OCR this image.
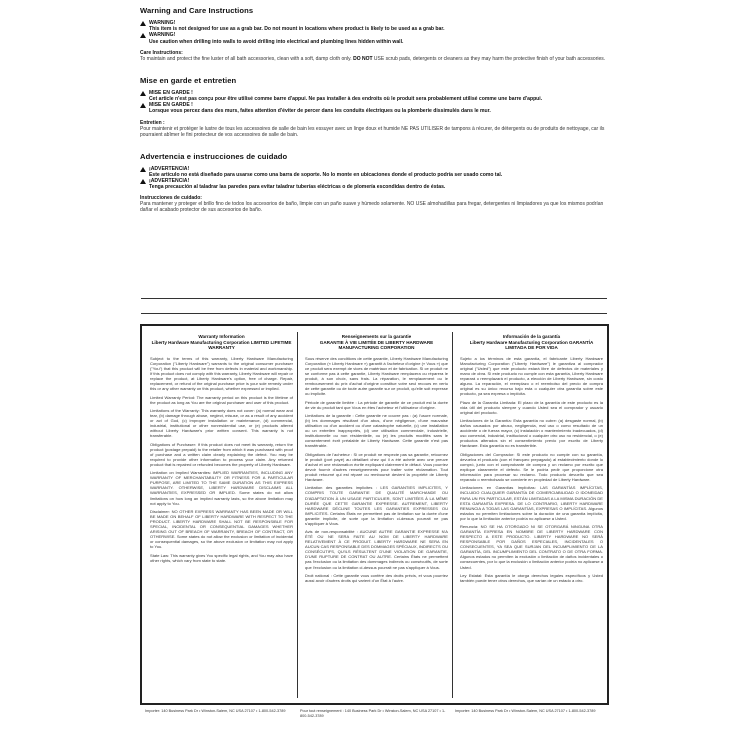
Warning and Care Instructions
WARNING!
This item is not designed for use as a grab bar. Do not mount in locations where product is likely to be used as a grab bar.
WARNING!
Use caution when drilling into walls to avoid drilling into electrical and plumbing lines hidden within wall.
Care Instructions:
To maintain and protect the fine luster of all bath accessories, clean with a soft, damp cloth only. DO NOT USE scrub pads, detergents or cleaners as they may harm the protective finish of your bath accessories.
Mise en garde et entretien
MISE EN GARDE !
Cet article n'est pas conçu pour être utilisé comme barre d'appui. Ne pas installer à des endroits où le produit sera probablement utilisé comme une barre d'appui.
MISE EN GARDE !
Lorsque vous percez dans des murs, faites attention d'éviter de percer dans les conduits électriques ou la plomberie dissimulés dans le mur.
Entretien :
Pour maintenir et protéger le lustre de tous les accessoires de salle de bain les essuyer avec un linge doux et humide NE PAS UTILISER de tampons à récurer, de détergents ou de produits de nettoyage, car ils pourraient abîmer le fini protecteur de vos accessoires de salle de bain.
Advertencia e instrucciones de cuidado
¡ADVERTENCIA!
Este artículo no está diseñado para usarse como una barra de soporte. No lo monte en ubicaciones donde el producto podría ser usado como tal.
¡ADVERTENCIA!
Tenga precaución al taladrar las paredes para evitar taladrar tuberías eléctricas o de plomería escondidas dentro de éstas.
Instrucciones de cuidado:
Para mantener y proteger el brillo fino de todos los accesorios de baño, limpie con un paño suave y húmedo solamente. NO USE almohadillas para fregar, detergentes ni limpiadores ya que los mismos podrían dañar el acabado protector de sus accesorios de baño.
Warranty Information
Liberty Hardware Manufacturing Corporation LIMITED LIFETIME WARRANTY

Subject to the terms of this warranty, Liberty Hardware Manufacturing Corporation ("Liberty Hardware") warrants to the original consumer purchaser ("You") that this product will be free from defects in material and workmanship. If this product does not comply with this warranty, Liberty Hardware will repair or replace the product, at Liberty Hardware's option, free of charge. Repair, replacement, or refund of the original purchase price is your sole remedy under this or any other warranty on this product, whether expressed or implied.

Limited Warranty Period: The warranty period on this product is the lifetime of the product as long as You are the original purchaser and user of this product.

Limitations of the Warranty: This warranty does not cover: (a) normal wear and tear, (b) damage through abuse, neglect, misuse, or as a result of any accident or act of God, (c) improper installation or maintenance, (d) commercial, industrial, institutional or other nonresidential use, or (e) products altered without Liberty Hardware's prior written consent. This warranty is not transferable.

Obligations of Purchaser: If this product does not meet its warranty, return the product (postage prepaid) to the retailer from which it was purchased with proof of purchase and a written claim clearly explaining the defect. You may be required to provide other information to process your claim. Any returned product that is repaired or refunded becomes the property of Liberty Hardware.

Limitation on Implied Warranties: IMPLIED WARRANTIES, INCLUDING ANY WARRANTY OF MERCHANTABILITY OR FITNESS FOR A PARTICULAR PURPOSE, ARE LIMITED TO THE SAME DURATION AS THIS EXPRESS WARRANTY. OTHERWISE, LIBERTY HARDWARE DISCLAIMS ALL WARRANTIES, EXPRESSED OR IMPLIED. Some states do not allow limitations on how long an implied warranty lasts, so the above limitation may not apply to You.

Disclaimer: NO OTHER EXPRESS WARRANTY HAS BEEN MADE OR WILL BE MADE ON BEHALF OF LIBERTY HARDWARE WITH RESPECT TO THE PRODUCT. LIBERTY HARDWARE SHALL NOT BE RESPONSIBLE FOR SPECIAL, INCIDENTAL OR CONSEQUENTIAL DAMAGES WHETHER ARISING OUT OF BREACH OF WARRANTY, BREACH OF CONTRACT, OR OTHERWISE. Some states do not allow the exclusion or limitation of incidental or consequential damages, so the above exclusion or limitation may not apply to You.

State Law: This warranty gives You specific legal rights, and You may also have other rights, which vary from state to state.

Renseignements sur la garantie
GARANTIE À VIE LIMITÉE DE LIBERTY HARDWARE MANUFACTURING CORPORATION

Sous réserve des conditions de cette garantie, Liberty Hardware Manufacturing Corporation (« Liberty Hardware ») garantit à l'acheteur d'origine (« Vous ») que ce produit sera exempt de vices de matériaux et de fabrication. Si ce produit ne se conforme pas à cette garantie, Liberty Hardware remplacera ou réparera le produit, à son choix, sans frais. La réparation, le remplacement ou le remboursement du prix d'achat d'origine constitue votre seul recours en vertu de cette garantie ou de toute autre garantie sur ce produit, qu'elle soit expresse ou implicite.

Période de garantie limitée : La période de garantie de ce produit est la durée de vie du produit tant que Vous en êtes l'acheteur et l'utilisateur d'origine.

Limitations de la garantie : Cette garantie ne couvre pas : (a) l'usure normale, (b) les dommages résultant d'un abus, d'une négligence, d'une mauvaise utilisation ou d'un accident ou d'une catastrophe naturelle, (c) une installation ou un entretien inappropriés, (d) une utilisation commerciale, industrielle, institutionnelle ou non résidentielle, ou (e) les produits modifiés sans le consentement écrit préalable de Liberty Hardware. Cette garantie n'est pas transférable.

Obligations de l'acheteur : Si ce produit ne respecte pas sa garantie, retournez le produit (port payé) au détaillant chez qui il a été acheté avec une preuve d'achat et une réclamation écrite expliquant clairement le défaut. Vous pourriez devoir fournir d'autres renseignements pour traiter votre réclamation. Tout produit retourné qui est réparé ou remboursé devient la propriété de Liberty Hardware.

Limitation des garanties implicites : LES GARANTIES IMPLICITES, Y COMPRIS TOUTE GARANTIE DE QUALITÉ MARCHANDE OU D'ADAPTATION À UN USAGE PARTICULIER, SONT LIMITÉES À LA MÊME DURÉE QUE CETTE GARANTIE EXPRESSE. AUTREMENT, LIBERTY HARDWARE DÉCLINE TOUTES LES GARANTIES EXPRESSES OU IMPLICITES. Certains États ne permettent pas de limitation sur la durée d'une garantie implicite, de sorte que la limitation ci-dessus pourrait ne pas s'appliquer à Vous.

Avis de non-responsabilité : AUCUNE AUTRE GARANTIE EXPRESSE N'A ÉTÉ OU NE SERA FAITE AU NOM DE LIBERTY HARDWARE RELATIVEMENT À CE PRODUIT. LIBERTY HARDWARE NE SERA EN AUCUN CAS RESPONSABLE DES DOMMAGES SPÉCIAUX, INDIRECTS OU CONSÉCUTIFS, QU'ILS RÉSULTENT D'UNE VIOLATION DE GARANTIE, D'UNE RUPTURE DE CONTRAT OU AUTRE. Certains États ne permettent pas l'exclusion ou la limitation des dommages indirects ou consécutifs, de sorte que l'exclusion ou la limitation ci-dessus pourrait ne pas s'appliquer à Vous.

Droit national : Cette garantie vous confère des droits précis, et vous pourriez aussi avoir d'autres droits qui varient d'un État à l'autre.

Información de la garantía
Liberty Hardware Manufacturing Corporation GARANTÍA LIMITADA DE POR VIDA

Sujeto a los términos de esta garantía, el fabricante Liberty Hardware Manufacturing Corporation ("Liberty Hardware") le garantiza al comprador original ("Usted") que este producto estará libre de defectos de materiales y mano de obra. Si este producto no cumple con esta garantía, Liberty Hardware reparará o reemplazará el producto, a elección de Liberty Hardware, sin costo alguno. La reparación, el reemplazo o el reembolso del precio de compra original es su único recurso bajo esta o cualquier otra garantía sobre este producto, ya sea expresa o implícita.

Plazo de la Garantía Limitada: El plazo de la garantía de este producto es la vida útil del producto siempre y cuando Usted sea el comprador y usuario original del producto.

Limitaciones de la Garantía: Esta garantía no cubre: (a) desgaste normal, (b) daños causados por abuso, negligencia, mal uso o como resultado de un accidente o de fuerza mayor, (c) instalación o mantenimiento inadecuados, (d) uso comercial, industrial, institucional o cualquier otro uso no residencial, o (e) productos alterados sin el consentimiento previo por escrito de Liberty Hardware. Esta garantía no es transferible.

Obligaciones del Comprador: Si este producto no cumple con su garantía, devuelva el producto (con el franqueo prepagado) al establecimiento donde lo compró, junto con el comprobante de compra y un reclamo por escrito que explique claramente el defecto. Se le podría pedir que proporcione otra información para procesar su reclamo. Todo producto devuelto que sea reparado o reembolsado se convierte en propiedad de Liberty Hardware.

Limitaciones en Garantías Implícitas: LAS GARANTÍAS IMPLÍCITAS, INCLUIDO CUALQUIER GARANTÍA DE COMERCIABILIDAD O IDONEIDAD PARA UN FIN PARTICULAR, ESTÁN LIMITADAS A LA MISMA DURACIÓN DE ESTA GARANTÍA EXPRESA. DE LO CONTRARIO, LIBERTY HARDWARE RENUNCIA A TODAS LAS GARANTÍAS, EXPRESAS O IMPLÍCITAS. Algunos estados no permiten limitaciones sobre la duración de una garantía implícita, por lo que la limitación anterior podría no aplicarse a Usted.

Renuncia: NO SE HA OTORGADO NI SE OTORGARÁ NINGUNA OTRA GARANTÍA EXPRESA EN NOMBRE DE LIBERTY HARDWARE CON RESPECTO A ESTE PRODUCTO. LIBERTY HARDWARE NO SERÁ RESPONSABLE POR DAÑOS ESPECIALES, INCIDENTALES O CONSECUENTES, YA SEA QUE SURJAN DEL INCUMPLIMIENTO DE LA GARANTÍA, DEL INCUMPLIMIENTO DEL CONTRATO O DE OTRA FORMA. Algunos estados no permiten la exclusión o limitación de daños incidentales o consecuentes, por lo que la exclusión o limitación anterior podría no aplicarse a Usted.

Ley Estatal: Esta garantía le otorga derechos legales específicos y Usted también puede tener otros derechos, que varían de un estado a otro.

Importer: 140 Business Park Dr • Winston-Salem, NC USA 27107 • 1-800-542-3789	Pour tout renseignement : 140 Business Park Dr • Winston-Salem, NC USA 27107 • 1-800-542-3789
Importer: 140 Business Park Dr • Winston-Salem, NC USA 27107 • 1-800-542-3789
